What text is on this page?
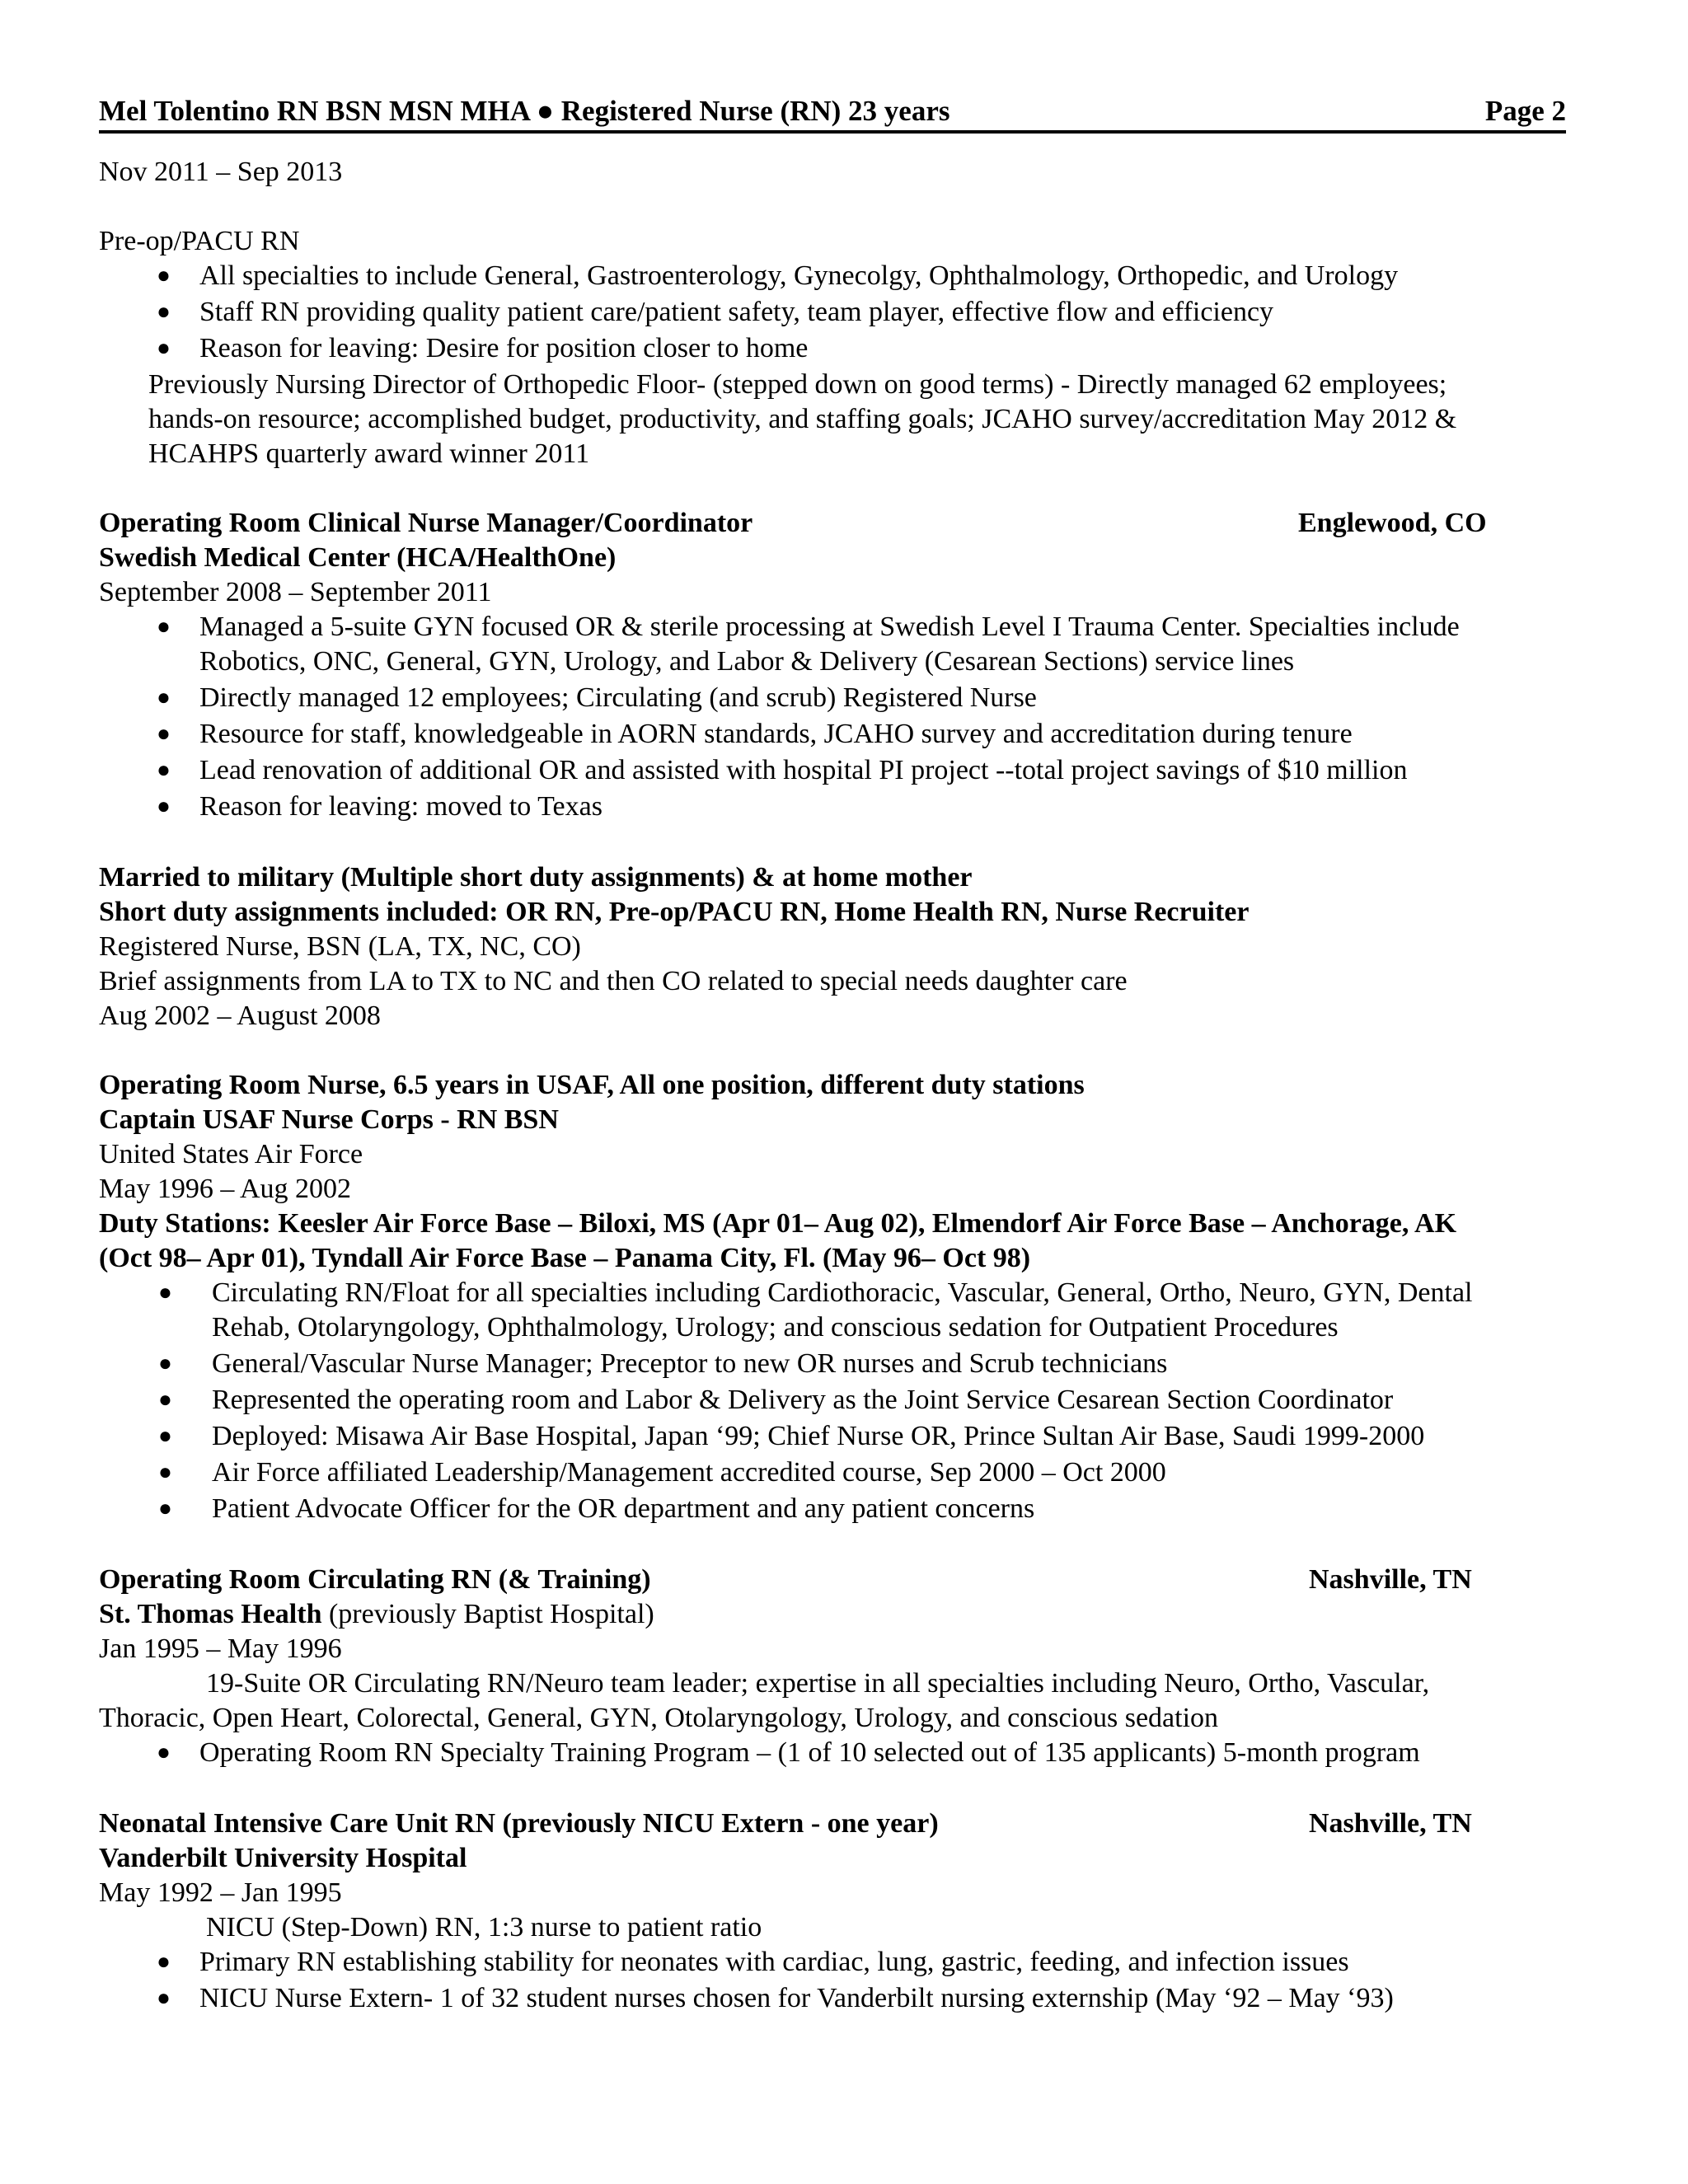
Mel Tolentino RN BSN MSN MHA ● Registered Nurse (RN) 23 years	Page 2
Nov 2011 – Sep 2013
Pre-op/PACU RN
● All specialties to include General, Gastroenterology, Gynecolgy, Ophthalmology, Orthopedic, and Urology
● Staff RN providing quality patient care/patient safety, team player, effective flow and efficiency
● Reason for leaving: Desire for position closer to home
Previously Nursing Director of Orthopedic Floor- (stepped down on good terms) - Directly managed 62 employees;
hands-on resource; accomplished budget, productivity, and staffing goals; JCAHO survey/accreditation May 2012 &
HCAHPS quarterly award winner 2011
Operating Room Clinical Nurse Manager/Coordinator	Englewood, CO
Swedish Medical Center (HCA/HealthOne)
September 2008 – September 2011
● Managed a 5-suite GYN focused OR & sterile processing at Swedish Level I Trauma Center. Specialties include
Robotics, ONC, General, GYN, Urology, and Labor & Delivery (Cesarean Sections) service lines
● Directly managed 12 employees; Circulating (and scrub) Registered Nurse
● Resource for staff, knowledgeable in AORN standards, JCAHO survey and accreditation during tenure
● Lead renovation of additional OR and assisted with hospital PI project --total project savings of $10 million
● Reason for leaving: moved to Texas
Married to military (Multiple short duty assignments) & at home mother
Short duty assignments included: OR RN, Pre-op/PACU RN, Home Health RN, Nurse Recruiter
Registered Nurse, BSN (LA, TX, NC, CO)
Brief assignments from LA to TX to NC and then CO related to special needs daughter care
Aug 2002 – August 2008
Operating Room Nurse, 6.5 years in USAF, All one position, different duty stations
Captain USAF Nurse Corps - RN BSN
United States Air Force
May 1996 – Aug 2002
Duty Stations: Keesler Air Force Base – Biloxi, MS (Apr 01– Aug 02), Elmendorf Air Force Base – Anchorage, AK
(Oct 98– Apr 01), Tyndall Air Force Base – Panama City, Fl. (May 96– Oct 98)
● Circulating RN/Float for all specialties including Cardiothoracic, Vascular, General, Ortho, Neuro, GYN, Dental
Rehab, Otolaryngology, Ophthalmology, Urology; and conscious sedation for Outpatient Procedures
● General/Vascular Nurse Manager; Preceptor to new OR nurses and Scrub technicians
● Represented the operating room and Labor & Delivery as the Joint Service Cesarean Section Coordinator
● Deployed: Misawa Air Base Hospital, Japan ‘99; Chief Nurse OR, Prince Sultan Air Base, Saudi 1999-2000
● Air Force affiliated Leadership/Management accredited course, Sep 2000 – Oct 2000
● Patient Advocate Officer for the OR department and any patient concerns
Operating Room Circulating RN (& Training)	Nashville, TN
St. Thomas Health (previously Baptist Hospital)
Jan 1995 – May 1996
19-Suite OR Circulating RN/Neuro team leader; expertise in all specialties including Neuro, Ortho, Vascular,
Thoracic, Open Heart, Colorectal, General, GYN, Otolaryngology, Urology, and conscious sedation
● Operating Room RN Specialty Training Program – (1 of 10 selected out of 135 applicants) 5-month program
Neonatal Intensive Care Unit RN (previously NICU Extern - one year)	Nashville, TN
Vanderbilt University Hospital
May 1992 – Jan 1995
NICU (Step-Down) RN, 1:3 nurse to patient ratio
● Primary RN establishing stability for neonates with cardiac, lung, gastric, feeding, and infection issues
● NICU Nurse Extern- 1 of 32 student nurses chosen for Vanderbilt nursing externship (May ‘92 – May ‘93)
